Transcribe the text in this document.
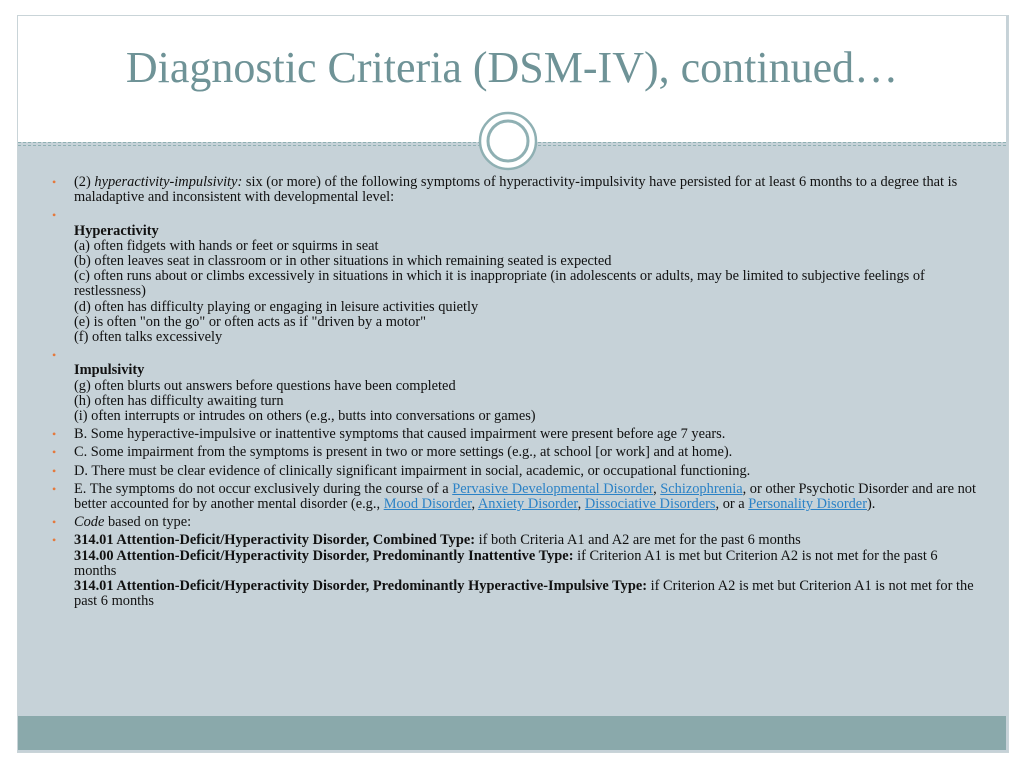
Diagnostic Criteria (DSM-IV), continued…
• (2) hyperactivity-impulsivity: six (or more) of the following symptoms of hyperactivity-impulsivity have persisted for at least 6 months to a degree that is maladaptive and inconsistent with developmental level:
•

Hyperactivity
(a) often fidgets with hands or feet or squirms in seat
(b) often leaves seat in classroom or in other situations in which remaining seated is expected
(c) often runs about or climbs excessively in situations in which it is inappropriate (in adolescents or adults, may be limited to subjective feelings of restlessness)
(d) often has difficulty playing or engaging in leisure activities quietly
(e) is often "on the go" or often acts as if "driven by a motor"
(f) often talks excessively
•

Impulsivity
(g) often blurts out answers before questions have been completed
(h) often has difficulty awaiting turn
(i) often interrupts or intrudes on others (e.g., butts into conversations or games)
• B. Some hyperactive-impulsive or inattentive symptoms that caused impairment were present before age 7 years.
• C. Some impairment from the symptoms is present in two or more settings (e.g., at school [or work] and at home).
• D. There must be clear evidence of clinically significant impairment in social, academic, or occupational functioning.
• E. The symptoms do not occur exclusively during the course of a Pervasive Developmental Disorder, Schizophrenia, or other Psychotic Disorder and are not better accounted for by another mental disorder (e.g., Mood Disorder, Anxiety Disorder, Dissociative Disorders, or a Personality Disorder).
• Code based on type:
• 314.01 Attention-Deficit/Hyperactivity Disorder, Combined Type: if both Criteria A1 and A2 are met for the past 6 months
314.00 Attention-Deficit/Hyperactivity Disorder, Predominantly Inattentive Type: if Criterion A1 is met but Criterion A2 is not met for the past 6 months
314.01 Attention-Deficit/Hyperactivity Disorder, Predominantly Hyperactive-Impulsive Type: if Criterion A2 is met but Criterion A1 is not met for the past 6 months
